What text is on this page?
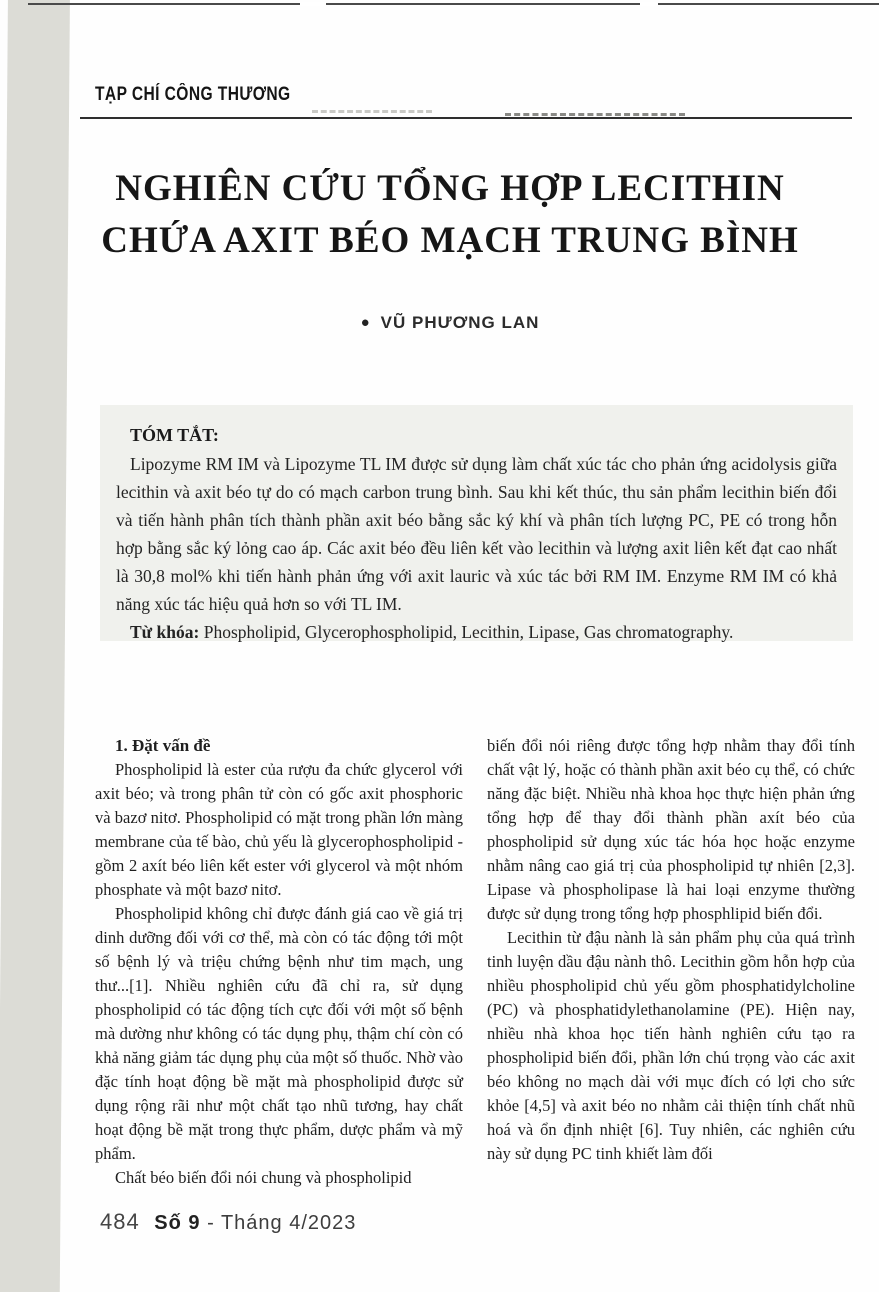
TẠP CHÍ CÔNG THƯƠNG
NGHIÊN CỨU TỔNG HỢP LECITHIN
CHỨA AXIT BÉO MẠCH TRUNG BÌNH
● VŨ PHƯƠNG LAN

TÓM TẮT:

Lipozyme RM IM và Lipozyme TL IM được sử dụng làm chất xúc tác cho phản ứng acidolysis giữa lecithin và axit béo tự do có mạch carbon trung bình. Sau khi kết thúc, thu sản phẩm lecithin biến đổi và tiến hành phân tích thành phần axit béo bằng sắc ký khí và phân tích lượng PC, PE có trong hỗn hợp bằng sắc ký lỏng cao áp. Các axit béo đều liên kết vào lecithin và lượng axit liên kết đạt cao nhất là 30,8 mol% khi tiến hành phản ứng với axit lauric và xúc tác bởi RM IM. Enzyme RM IM có khả năng xúc tác hiệu quả hơn so với TL IM.

Từ khóa: Phospholipid, Glycerophospholipid, Lecithin, Lipase, Gas chromatography.

1. Đặt vấn đề

Phospholipid là ester của rượu đa chức glycerol với axit béo; và trong phân tử còn có gốc axit phosphoric và bazơ nitơ. Phospholipid có mặt trong phần lớn màng membrane của tế bào, chủ yếu là glycerophospholipid - gồm 2 axít béo liên kết ester với glycerol và một nhóm phosphate và một bazơ nitơ.

Phospholipid không chỉ được đánh giá cao về giá trị dinh dưỡng đối với cơ thể, mà còn có tác động tới một số bệnh lý và triệu chứng bệnh như tim mạch, ung thư...[1]. Nhiều nghiên cứu đã chỉ ra, sử dụng phospholipid có tác động tích cực đối với một số bệnh mà dường như không có tác dụng phụ, thậm chí còn có khả năng giảm tác dụng phụ của một số thuốc. Nhờ vào đặc tính hoạt động bề mặt mà phospholipid được sử dụng rộng rãi như một chất tạo nhũ tương, hay chất hoạt động bề mặt trong thực phẩm, dược phẩm và mỹ phẩm.

Chất béo biến đổi nói chung và phospholipid

biến đổi nói riêng được tổng hợp nhằm thay đổi tính chất vật lý, hoặc có thành phần axit béo cụ thể, có chức năng đặc biệt. Nhiều nhà khoa học thực hiện phản ứng tổng hợp để thay đổi thành phần axít béo của phospholipid sử dụng xúc tác hóa học hoặc enzyme nhằm nâng cao giá trị của phospholipid tự nhiên [2,3]. Lipase và phospholipase là hai loại enzyme thường được sử dụng trong tổng hợp phosphlipid biến đổi.

Lecithin từ đậu nành là sản phẩm phụ của quá trình tinh luyện dầu đậu nành thô. Lecithin gồm hỗn hợp của nhiều phospholipid chủ yếu gồm phosphatidylcholine (PC) và phosphatidylethanolamine (PE). Hiện nay, nhiều nhà khoa học tiến hành nghiên cứu tạo ra phospholipid biến đổi, phần lớn chú trọng vào các axit béo không no mạch dài với mục đích có lợi cho sức khỏe [4,5] và axit béo no nhằm cải thiện tính chất nhũ hoá và ổn định nhiệt [6]. Tuy nhiên, các nghiên cứu này sử dụng PC tinh khiết làm đối

484 Số 9 - Tháng 4/2023
